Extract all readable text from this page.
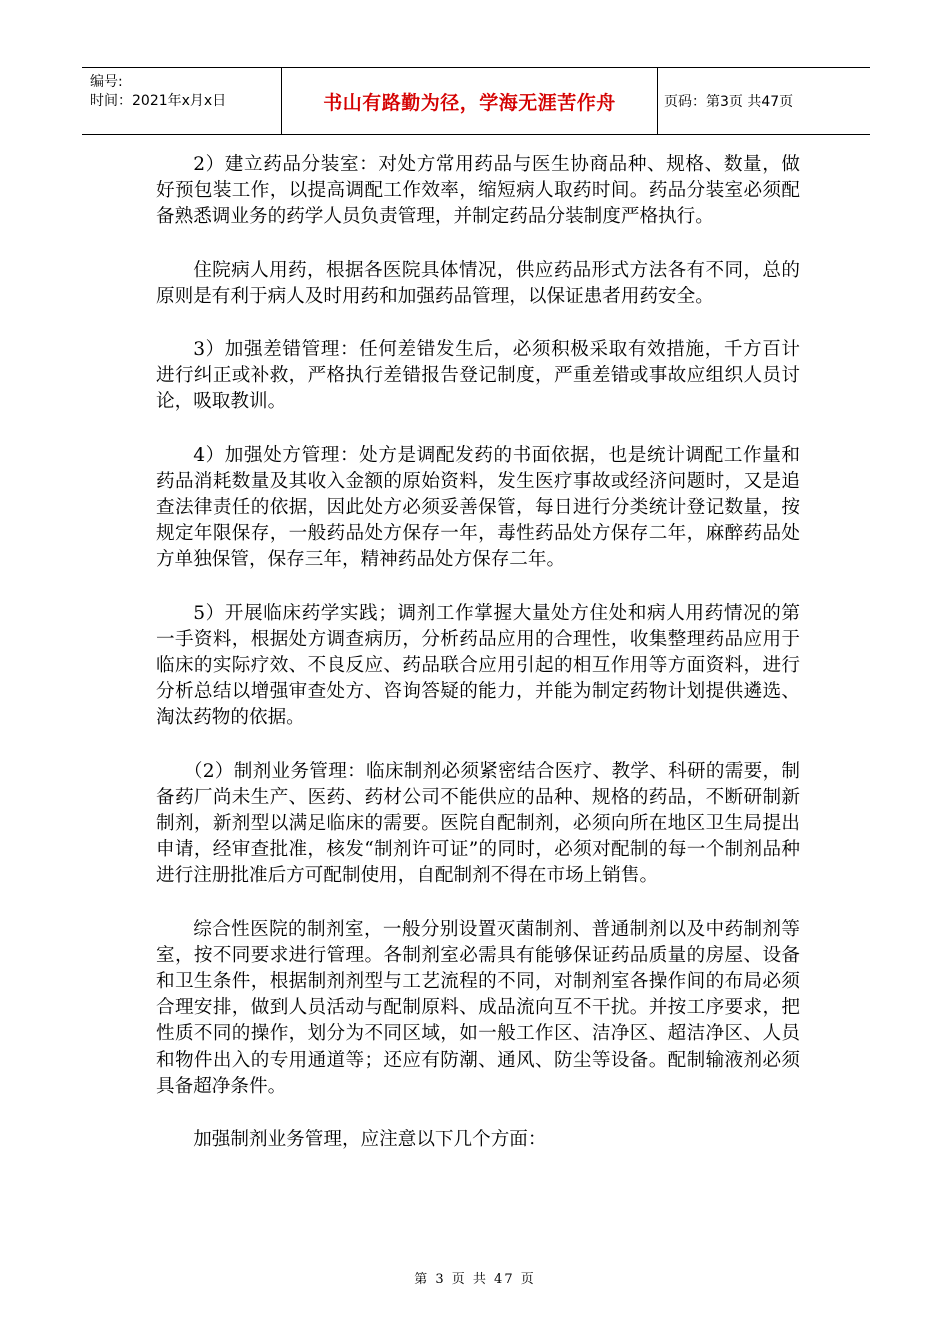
编号:
时间：2021年x月x日	书山有路勤为径，学海无涯苦作舟	页码：第3页 共47页

2）建立药品分装室：对处方常用药品与医生协商品种、规格、数量，做好预包装工作，以提高调配工作效率，缩短病人取药时间。药品分装室必须配备熟悉调业务的药学人员负责管理，并制定药品分装制度严格执行。

住院病人用药，根据各医院具体情况，供应药品形式方法各有不同，总的原则是有利于病人及时用药和加强药品管理，以保证患者用药安全。

3）加强差错管理：任何差错发生后，必须积极采取有效措施，千方百计进行纠正或补救，严格执行差错报告登记制度，严重差错或事故应组织人员讨论，吸取教训。

4）加强处方管理：处方是调配发药的书面依据，也是统计调配工作量和药品消耗数量及其收入金额的原始资料，发生医疗事故或经济问题时，又是追查法律责任的依据，因此处方必须妥善保管，每日进行分类统计登记数量，按规定年限保存，一般药品处方保存一年，毒性药品处方保存二年，麻醉药品处方单独保管，保存三年，精神药品处方保存二年。

5）开展临床药学实践；调剂工作掌握大量处方住处和病人用药情况的第一手资料，根据处方调查病历，分析药品应用的合理性，收集整理药品应用于临床的实际疗效、不良反应、药品联合应用引起的相互作用等方面资料，进行分析总结以增强审查处方、咨询答疑的能力，并能为制定药物计划提供遴选、淘汰药物的依据。

（2）制剂业务管理：临床制剂必须紧密结合医疗、教学、科研的需要，制备药厂尚未生产、医药、药材公司不能供应的品种、规格的药品，不断研制新制剂，新剂型以满足临床的需要。医院自配制剂，必须向所在地区卫生局提出申请，经审查批准，核发“制剂许可证”的同时，必须对配制的每一个制剂品种进行注册批准后方可配制使用，自配制剂不得在市场上销售。

综合性医院的制剂室，一般分别设置灭菌制剂、普通制剂以及中药制剂等室，按不同要求进行管理。各制剂室必需具有能够保证药品质量的房屋、设备和卫生条件，根据制剂剂型与工艺流程的不同，对制剂室各操作间的布局必须合理安排，做到人员活动与配制原料、成品流向互不干扰。并按工序要求，把性质不同的操作，划分为不同区域，如一般工作区、洁净区、超洁净区、人员和物件出入的专用通道等；还应有防潮、通风、防尘等设备。配制输液剂必须具备超净条件。

加强制剂业务管理，应注意以下几个方面：

第 3 页 共 47 页
